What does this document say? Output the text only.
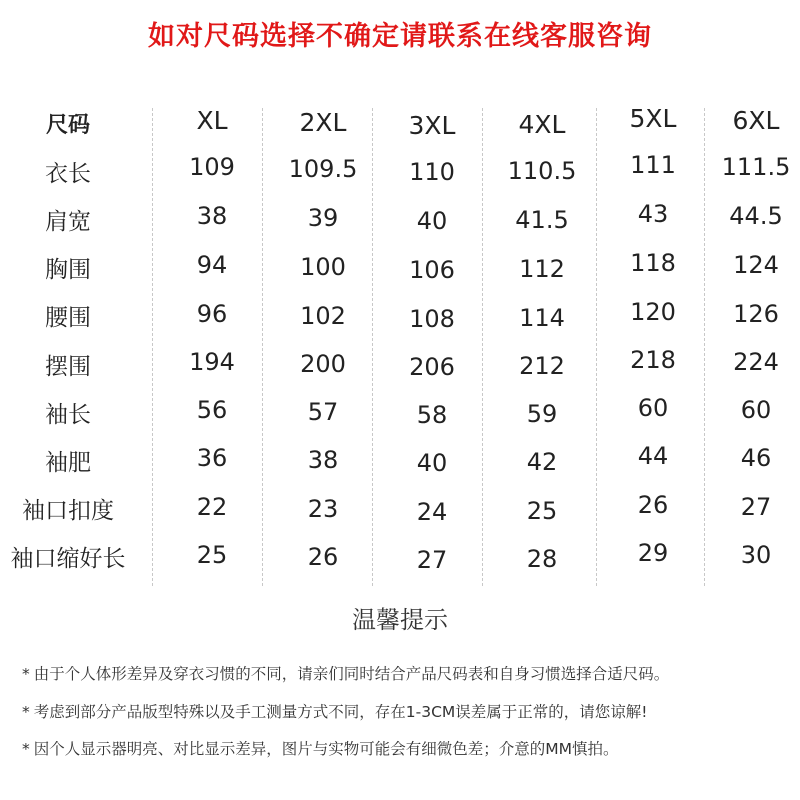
如对尺码选择不确定请联系在线客服咨询
尺码	XL	2XL	3XL	4XL	5XL	6XL
衣长	109	109.5	110	110.5	111	111.5
肩宽	38	39	40	41.5	43	44.5
胸围	94	100	106	112	118	124
腰围	96	102	108	114	120	126
摆围	194	200	206	212	218	224
袖长	56	57	58	59	60	60
袖肥	36	38	40	42	44	46
袖口扣度	22	23	24	25	26	27
袖口缩好长	25	26	27	28	29	30
温馨提示
* 由于个人体形差异及穿衣习惯的不同，请亲们同时结合产品尺码表和自身习惯选择合适尺码。
* 考虑到部分产品版型特殊以及手工测量方式不同，存在1-3CM误差属于正常的，请您谅解!
* 因个人显示器明亮、对比显示差异，图片与实物可能会有细微色差；介意的MM慎拍。
